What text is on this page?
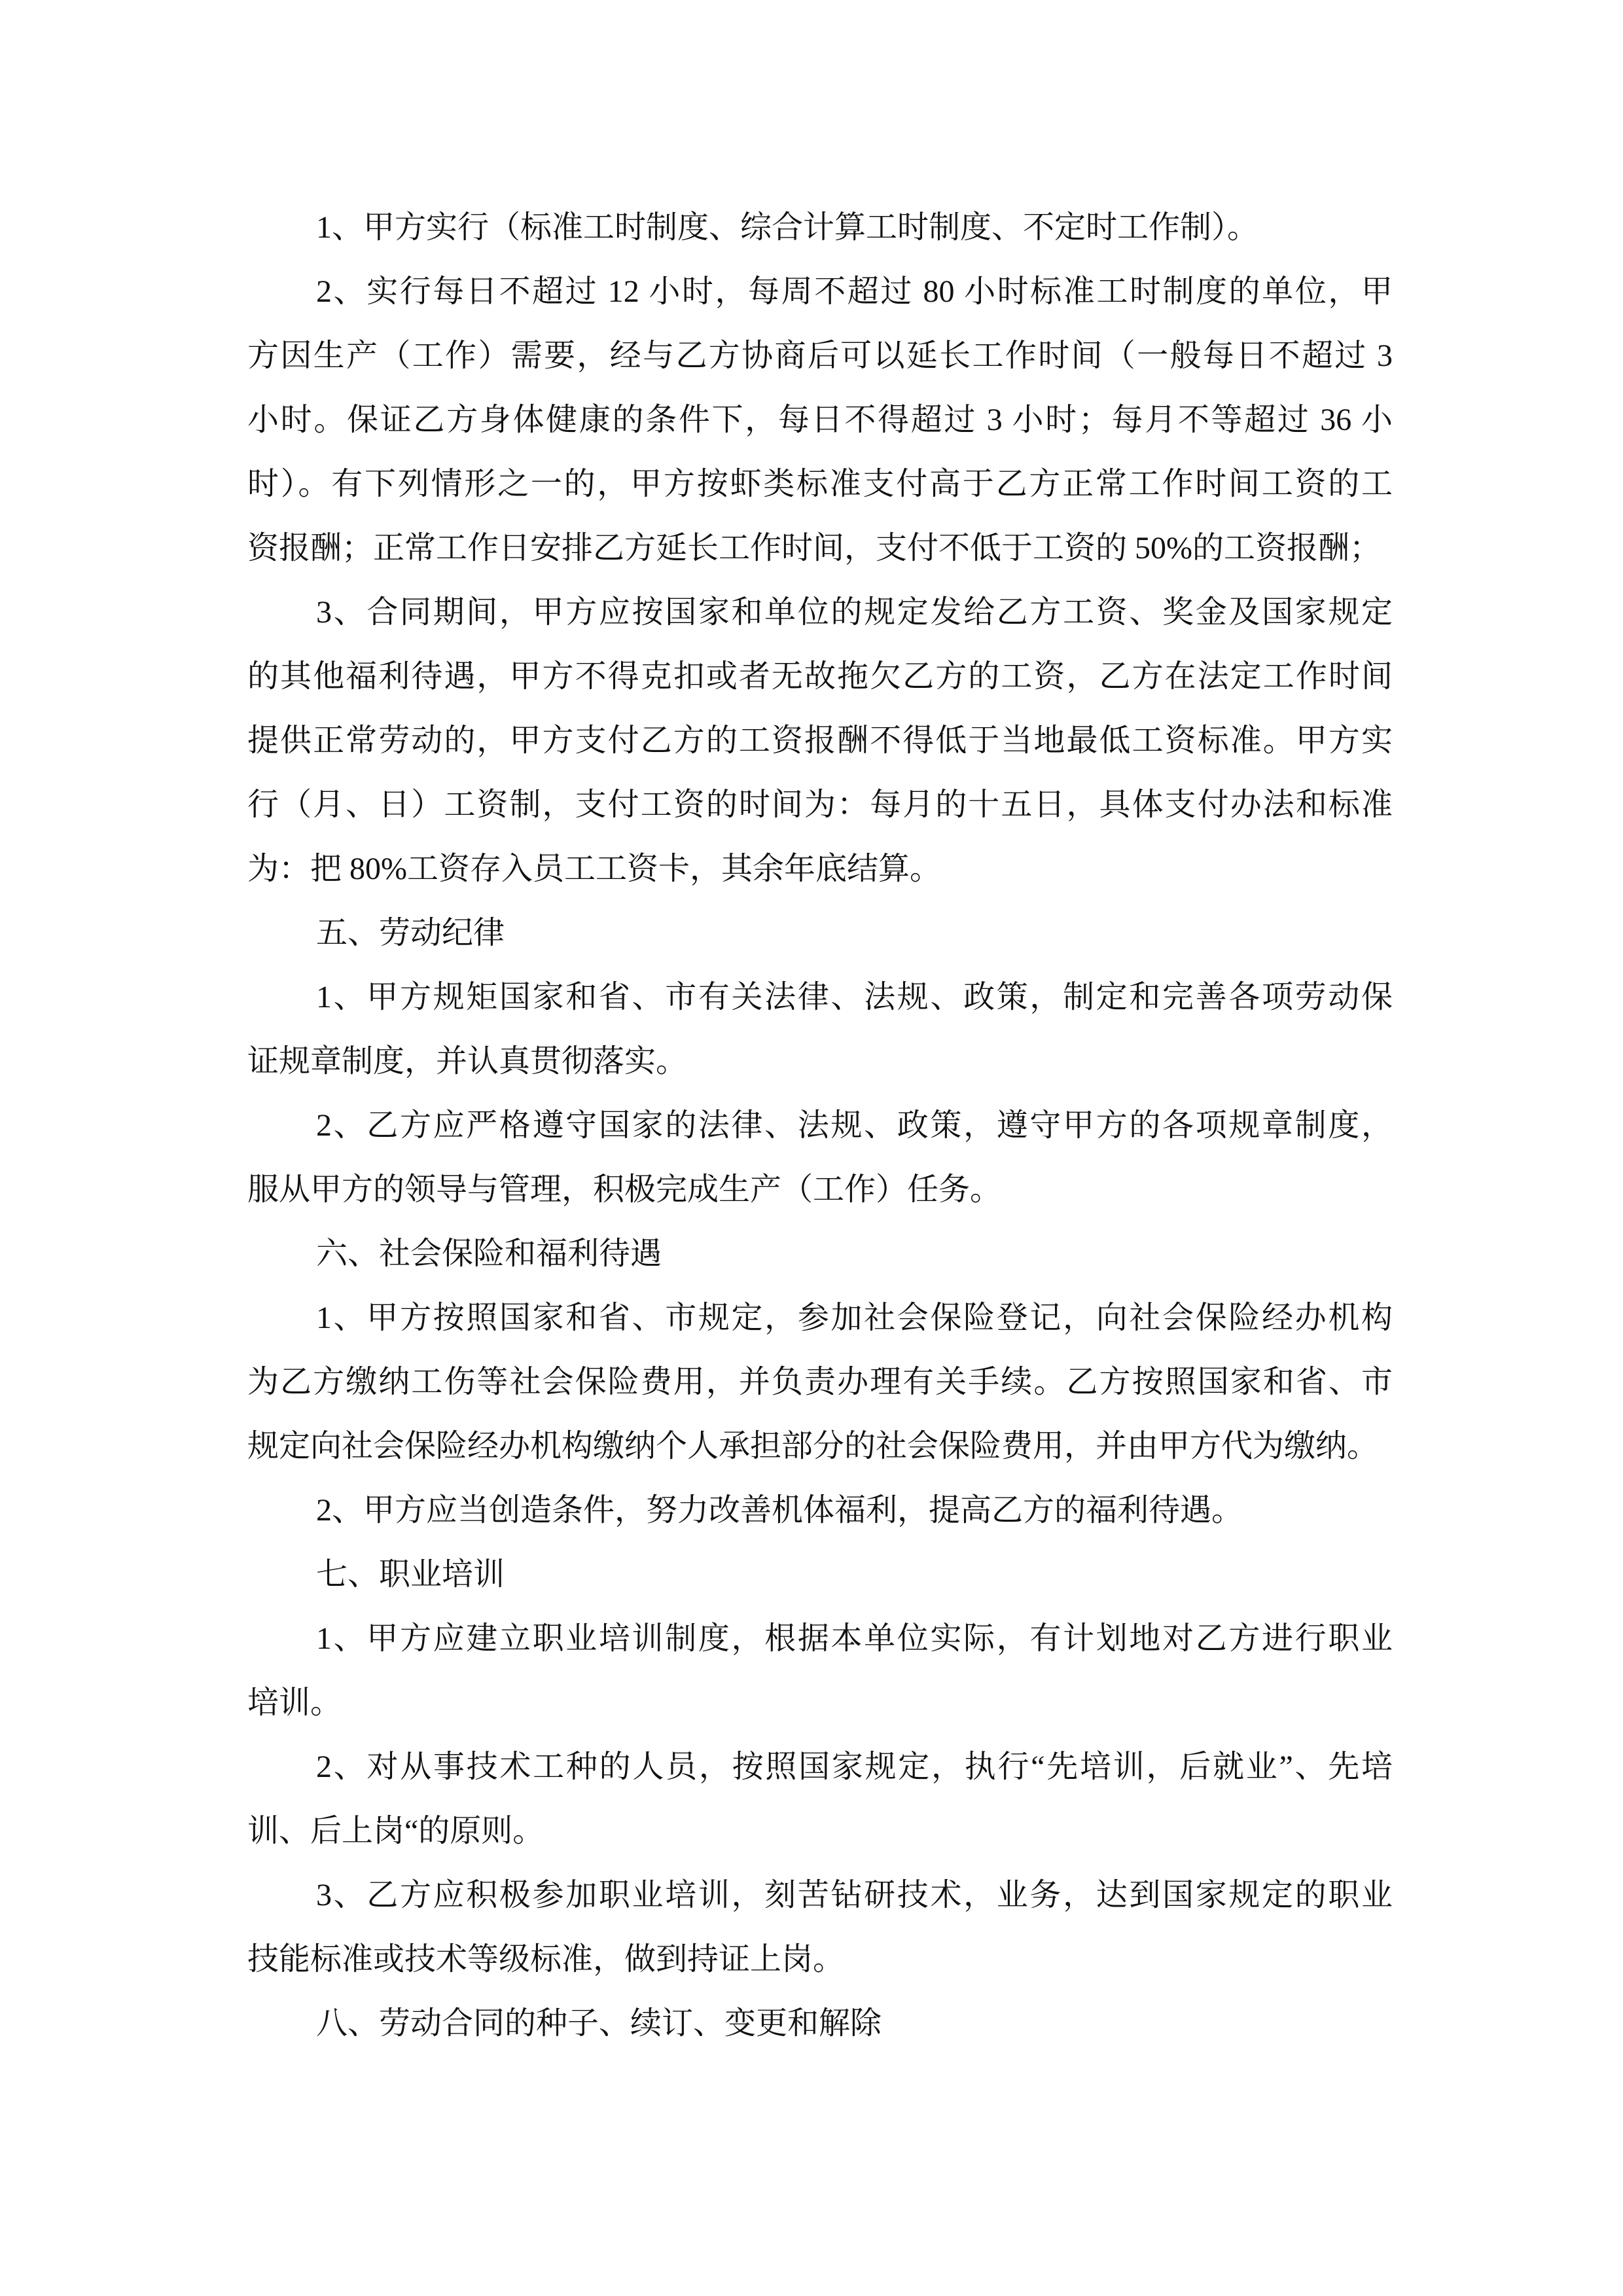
1、甲方实行（标准工时制度、综合计算工时制度、不定时工作制）。
2、实行每日不超过 12 小时，每周不超过 80 小时标准工时制度的单位，甲
方因生产（工作）需要，经与乙方协商后可以延长工作时间（一般每日不超过 3
小时。保证乙方身体健康的条件下，每日不得超过 3 小时；每月不等超过 36 小
时）。有下列情形之一的，甲方按虾类标准支付高于乙方正常工作时间工资的工
资报酬；正常工作日安排乙方延长工作时间，支付不低于工资的 50%的工资报酬；
3、合同期间，甲方应按国家和单位的规定发给乙方工资、奖金及国家规定
的其他福利待遇，甲方不得克扣或者无故拖欠乙方的工资，乙方在法定工作时间
提供正常劳动的，甲方支付乙方的工资报酬不得低于当地最低工资标准。甲方实
行（月、日）工资制，支付工资的时间为：每月的十五日，具体支付办法和标准
为：把 80%工资存入员工工资卡，其余年底结算。
五、劳动纪律
1、甲方规矩国家和省、市有关法律、法规、政策，制定和完善各项劳动保
证规章制度，并认真贯彻落实。
2、乙方应严格遵守国家的法律、法规、政策，遵守甲方的各项规章制度，
服从甲方的领导与管理，积极完成生产（工作）任务。
六、社会保险和福利待遇
1、甲方按照国家和省、市规定，参加社会保险登记，向社会保险经办机构
为乙方缴纳工伤等社会保险费用，并负责办理有关手续。乙方按照国家和省、市
规定向社会保险经办机构缴纳个人承担部分的社会保险费用，并由甲方代为缴纳。
2、甲方应当创造条件，努力改善机体福利，提高乙方的福利待遇。
七、职业培训
1、甲方应建立职业培训制度，根据本单位实际，有计划地对乙方进行职业
培训。
2、对从事技术工种的人员，按照国家规定，执行“先培训，后就业”、先培
训、后上岗“的原则。
3、乙方应积极参加职业培训，刻苦钻研技术，业务，达到国家规定的职业
技能标准或技术等级标准，做到持证上岗。
八、劳动合同的种子、续订、变更和解除
